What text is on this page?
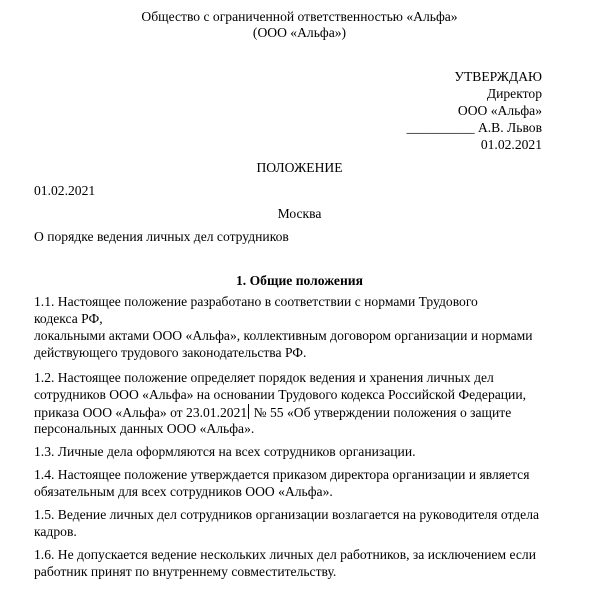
Общество с ограниченной ответственностью «Альфа»
(ООО «Альфа»)
УТВЕРЖДАЮ
Директор
ООО «Альфа»
__________ А.В. Львов
01.02.2021
ПОЛОЖЕНИЕ
01.02.2021
Москва
О порядке ведения личных дел сотрудников
1. Общие положения
1.1. Настоящее положение разработано в соответствии с нормами Трудового
кодекса РФ,
локальными актами ООО «Альфа», коллективным договором организации и нормами
действующего трудового законодательства РФ.
1.2. Настоящее положение определяет порядок ведения и хранения личных дел
сотрудников ООО «Альфа» на основании Трудового кодекса Российской Федерации,
приказа ООО «Альфа» от 23.01.2021 № 55 «Об утверждении положения о защите
персональных данных ООО «Альфа».
1.3. Личные дела оформляются на всех сотрудников организации.
1.4. Настоящее положение утверждается приказом директора организации и является
обязательным для всех сотрудников ООО «Альфа».
1.5. Ведение личных дел сотрудников организации возлагается на руководителя отдела
кадров.
1.6. Не допускается ведение нескольких личных дел работников, за исключением если
работник принят по внутреннему совместительству.
